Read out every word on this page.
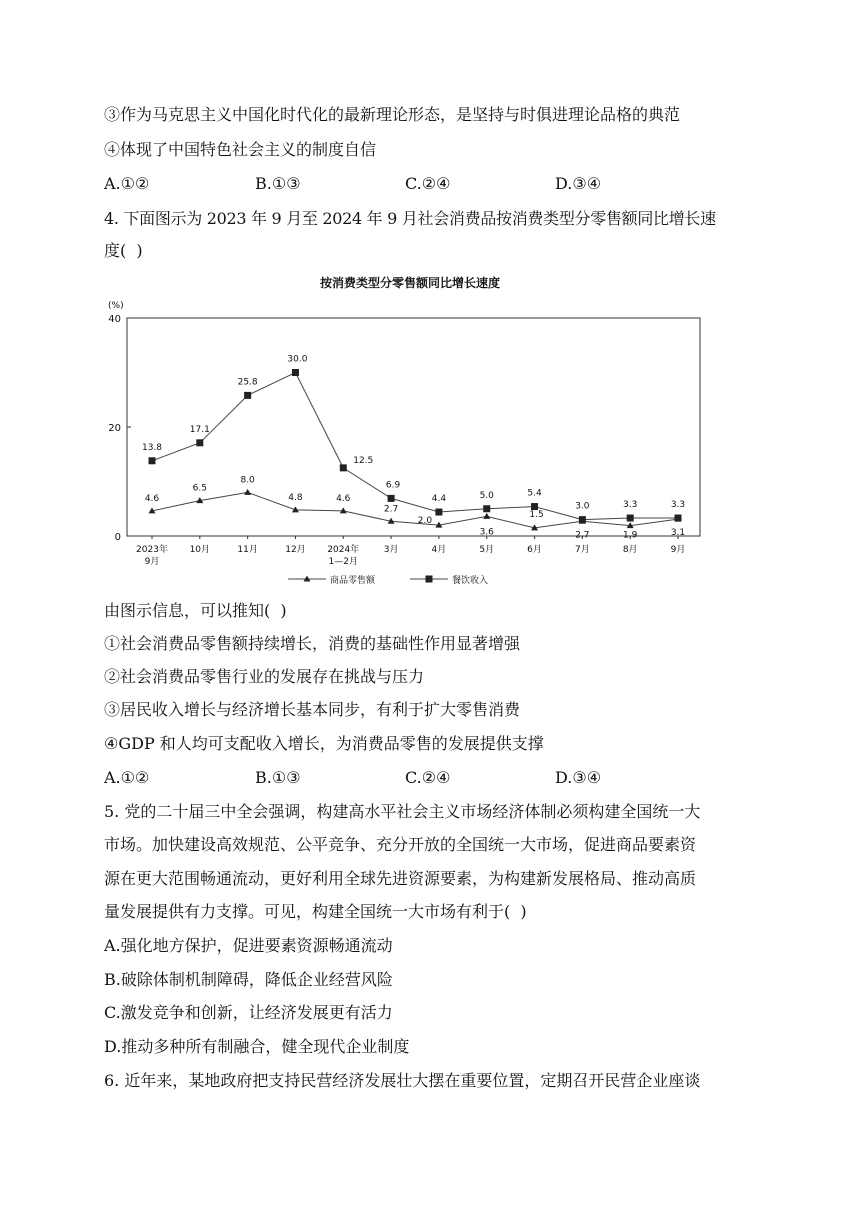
③作为马克思主义中国化时代化的最新理论形态，是坚持与时俱进理论品格的典范
④体现了中国特色社会主义的制度自信
A.①②	B.①③	C.②④	D.③④
4. 下面图示为 2023 年 9 月至 2024 年 9 月社会消费品按消费类型分零售额同比增长速
度(  )
按消费类型分零售额同比增长速度
(%)
0
20
40
2023年 9月
10月	11月	12月 2024年 1—2月
3月	4月	5月	6月	7月	8月	9月
4.6
6.5
8.0
4.8	4.6
2.7
2.0
3.6
1.5
2.7	1.9	3.1
13.8
17.1
25.8
30.0
12.5
6.9
4.4	5.0	5.4
3.0	3.3	3.3
商品零售额	餐饮收入
由图示信息，可以推知(  )
①社会消费品零售额持续增长，消费的基础性作用显著增强
②社会消费品零售行业的发展存在挑战与压力
③居民收入增长与经济增长基本同步，有利于扩大零售消费
④GDP 和人均可支配收入增长，为消费品零售的发展提供支撑
A.①②	B.①③	C.②④	D.③④
5. 党的二十届三中全会强调，构建高水平社会主义市场经济体制必须构建全国统一大
市场。加快建设高效规范、公平竞争、充分开放的全国统一大市场，促进商品要素资
源在更大范围畅通流动，更好利用全球先进资源要素，为构建新发展格局、推动高质
量发展提供有力支撑。可见，构建全国统一大市场有利于(  )
A.强化地方保护，促进要素资源畅通流动
B.破除体制机制障碍，降低企业经营风险
C.激发竞争和创新，让经济发展更有活力
D.推动多种所有制融合，健全现代企业制度
6. 近年来，某地政府把支持民营经济发展壮大摆在重要位置，定期召开民营企业座谈
